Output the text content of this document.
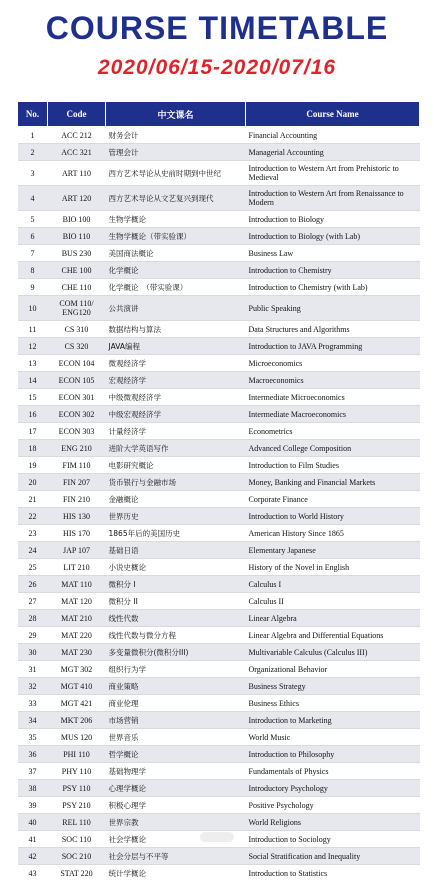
COURSE TIMETABLE
2020/06/15-2020/07/16
No.	Code	中文课名	Course Name
1	ACC 212	财务会计	Financial Accounting
2	ACC 321	管理会计	Managerial Accounting
3	ART 110	西方艺术导论从史前时期到中世纪	Introduction to Western Art from Prehistoric to Medieval
4	ART 120	西方艺术导论从文艺复兴到现代	Introduction to Western Art from Renaissance to Modern
5	BIO 100	生物学概论	Introduction to Biology
6	BIO 110	生物学概论（带实验课）	Introduction to Biology (with Lab)
7	BUS 230	美国商法概论	Business Law
8	CHE 100	化学概论	Introduction to Chemistry
9	CHE 110	化学概论　（带实验课）	Introduction to Chemistry (with Lab)
10	COM 110/ ENG120	公共演讲	Public Speaking
11	CS 310	数据结构与算法	Data Structures and Algorithms
12	CS 320	JAVA编程	Introduction to JAVA Programming
13	ECON 104	微观经济学	Microeconomics
14	ECON 105	宏观经济学	Macroeconomics
15	ECON 301	中级微观经济学	Intermediate Microeconomics
16	ECON 302	中级宏观经济学	Intermediate Macroeconomics
17	ECON 303	计量经济学	Econometrics
18	ENG 210	进阶大学英语写作	Advanced College Composition
19	FIM 110	电影研究概论	Introduction to Film Studies
20	FIN 207	货币银行与金融市场	Money, Banking and Financial Markets
21	FIN 210	金融概论	Corporate Finance
22	HIS 130	世界历史	Introduction to World History
23	HIS 170	1865年后的美国历史	American History Since 1865
24	JAP 107	基础日语	Elementary Japanese
25	LIT 210	小说史概论	History of the Novel in English
26	MAT 110	微积分 I	Calculus I
27	MAT 120	微积分 II	Calculus II
28	MAT 210	线性代数	Linear Algebra
29	MAT 220	线性代数与微分方程	Linear Algebra and Differential Equations
30	MAT 230	多变量微积分(微积分III)	Multivariable Calculus (Calculus III)
31	MGT 302	组织行为学	Organizational Behavior
32	MGT 410	商业策略	Business Strategy
33	MGT 421	商业伦理	Business Ethics
34	MKT 206	市场营销	Introduction to Marketing
35	MUS 120	世界音乐	World Music
36	PHI 110	哲学概论	Introduction to Philosophy
37	PHY 110	基础物理学	Fundamentals of Physics
38	PSY 110	心理学概论	Introductory Psychology
39	PSY 210	积极心理学	Positive Psychology
40	REL 110	世界宗教	World Religions
41	SOC 110	社会学概论	Introduction to Sociology
42	SOC 210	社会分层与不平等	Social Stratification and Inequality
43	STAT 220	统计学概论	Introduction to Statistics
